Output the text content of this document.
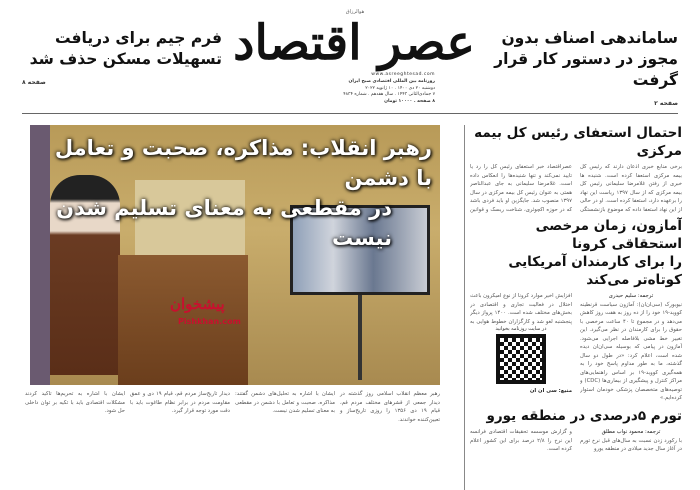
فرم جیم برای دریافت تسهیلات مسکن حذف شد
صفحه ۸
ساماندهی اصناف بدون مجوز در دستور کار قرار گرفت
صفحه ۲
هوالرزاق
عصر اقتصاد
www.asreeghtesad.com
روزنامه بین المللی اقتصادی صبح ایران
دوشنبه ۲۰ دی ۱۴۰۰ . ۱۰ ژانویه ۲۰۲۲
۷ جمادی‌الثانی ۱۴۴۳ . سال هفدهم . شماره ۴۸۳۴
۸ صفحه . ۱۰۰۰۰ تومان
پیشخوان
Pishkhan.com
رهبر انقلاب: مذاکره، صحبت و تعامل با دشمن
در مقطعی به معنای تسلیم شدن نیست
رهبر معظم انقلاب اسلامی روز گذشته در دیدار جمعی از قشرهای مختلف مردم قم، قیام ۱۹ دی ۱۳۵۶ را روزی تاریخ‌ساز و تعیین‌کننده خواندند.
ایشان با اشاره به تحلیل‌های دشمن گفتند: مذاکره، صحبت و تعامل با دشمن در مقطعی به معنای تسلیم شدن نیست.
دیدار تاریخ‌ساز مردم قم، قیام ۱۹ دی و عمق مقاومت مردم در برابر نظام طاغوت باید با دقت مورد توجه قرار گیرد.
ایشان با اشاره به تحریم‌ها تاکید کردند مشکلات اقتصادی باید با تکیه بر توان داخلی حل شود.
احتمال استعفای رئیس کل بیمه مرکزی
برخی منابع خبری اذعان دارند که رئیس کل بیمه مرکزی استعفا کرده است. شنیده ها خبری از رفتن غلامرضا سلیمانی رئیس کل بیمه مرکزی که از سال ۱۳۹۷ ریاست این نهاد را برعهده دارد، استعفا کرده است. او در حالی از این نهاد استعفا داده که موضوع بازنشستگی
عصراقتصاد خبر استعفای رئیس کل را رد یا تایید نمی‌کند و تنها شنیده‌ها را انعکاس داده است. غلامرضا سلیمانی به جای عبدالناصر همتی به عنوان رئیس کل بیمه مرکزی در سال ۱۳۹۷ منصوب شد. جایگزین او باید فردی باشد که در حوزه اکچوئری، شناخت ریسک و قوانین
آمازون، زمان مرخصی استحقاقی کرونا
را برای کارمندان آمریکایی کوتاه‌تر می‌کند
ترجمه: سلیم حیدری
نیویورک (سی‌ان‌ان): آمازون سیاست قرنطینه کووید-۱۹ خود را از ده روز به هفت روز کاهش می‌دهد و در مجموع تا ۴۰ ساعت مرخصی با حقوق را برای کارمندان در نظر می‌گیرد. این تغییر خط مشی بلافاصله اجرایی می‌شود. آمازون در پیامی که بوسیله سی‌ان‌ان دیده شده است، اعلام کرد: «در طول دو سال گذشته، ما به طور مداوم پاسخ خود را به همه‌گیری کووید-۱۹ بر اساس راهنمایی‌های مراکز کنترل و پیشگیری از بیماری‌ها (CDC) و توصیه‌های متخصصان پزشکی خودمان استوار کرده‌ایم.»
افزایش اخیر موارد کرونا از نوع امیکرون باعث اختلال در فعالیت تجاری و اقتصادی در بخش‌های مختلف شده است. ۱۴۰۰ پرواز دیگر پنجشنبه لغو شد و کارگزاران خطوط هوایی به
در سایت روزنامه بخوانید
منبع: سی ان ان
تورم ۵درصدی در منطقه یورو
ترجمه: محمود نواب مطلق
با رکورد زدن نسبت به سال‌های قبل نرخ تورم در آغاز سال جدید میلادی در منطقه یورو
و گزارش موسسه تحقیقات اقتصادی فرانسه این نرخ را ۲/۸ درصد برای این کشور اعلام کرده است.
